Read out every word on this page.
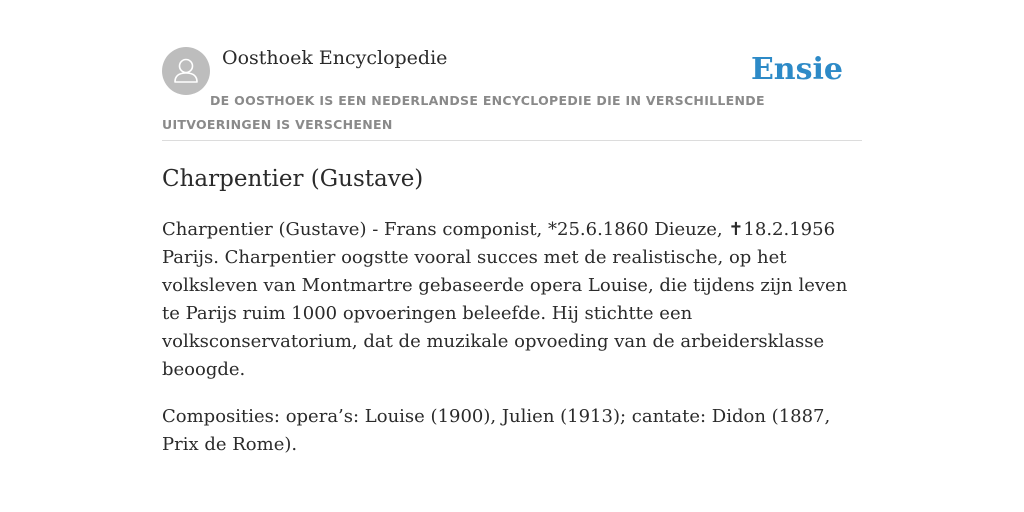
Oosthoek Encyclopedie	Ensie
DE OOSTHOEK IS EEN NEDERLANDSE ENCYCLOPEDIE DIE IN VERSCHILLENDE UITVOERINGEN IS VERSCHENEN
Charpentier (Gustave)

Charpentier (Gustave) - Frans componist, *25.6.1860 Dieuze, ✝18.2.1956 Parijs. Charpentier oogstte vooral succes met de realistische, op het volksleven van Montmartre gebaseerde opera Louise, die tijdens zijn leven te Parijs ruim 1000 opvoeringen beleefde. Hij stichtte een volksconservatorium, dat de muzikale opvoeding van de arbeidersklasse beoogde.

Composities: opera’s: Louise (1900), Julien (1913); cantate: Didon (1887, Prix de Rome).
